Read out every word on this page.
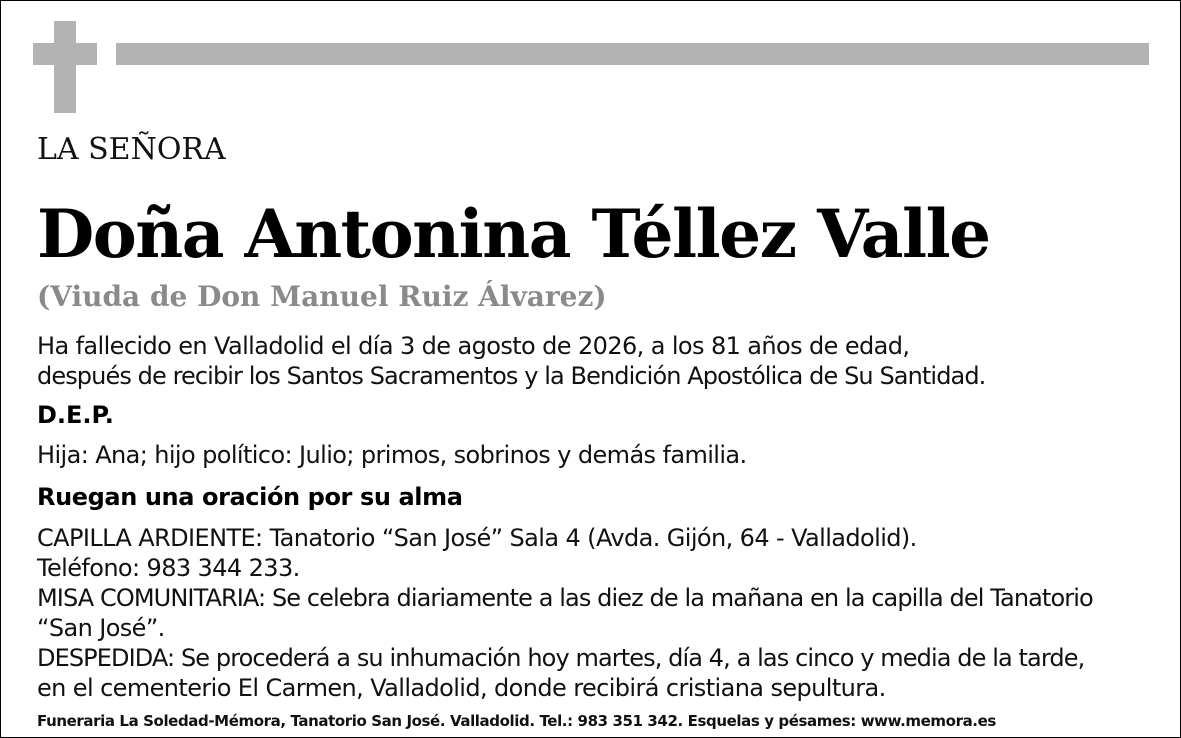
LA SEÑORA
Doña Antonina Téllez Valle
(Viuda de Don Manuel Ruiz Álvarez)
Ha fallecido en Valladolid el día 3 de agosto de 2026, a los 81 años de edad,
después de recibir los Santos Sacramentos y la Bendición Apostólica de Su Santidad.
D.E.P.
Hija: Ana; hijo político: Julio; primos, sobrinos y demás familia.
Ruegan una oración por su alma
CAPILLA ARDIENTE: Tanatorio “San José” Sala 4 (Avda. Gijón, 64 - Valladolid).
Teléfono: 983 344 233.
MISA COMUNITARIA: Se celebra diariamente a las diez de la mañana en la capilla del Tanatorio
“San José”.
DESPEDIDA: Se procederá a su inhumación hoy martes, día 4, a las cinco y media de la tarde,
en el cementerio El Carmen, Valladolid, donde recibirá cristiana sepultura.
Funeraria La Soledad-Mémora, Tanatorio San José. Valladolid. Tel.: 983 351 342. Esquelas y pésames: www.memora.es
